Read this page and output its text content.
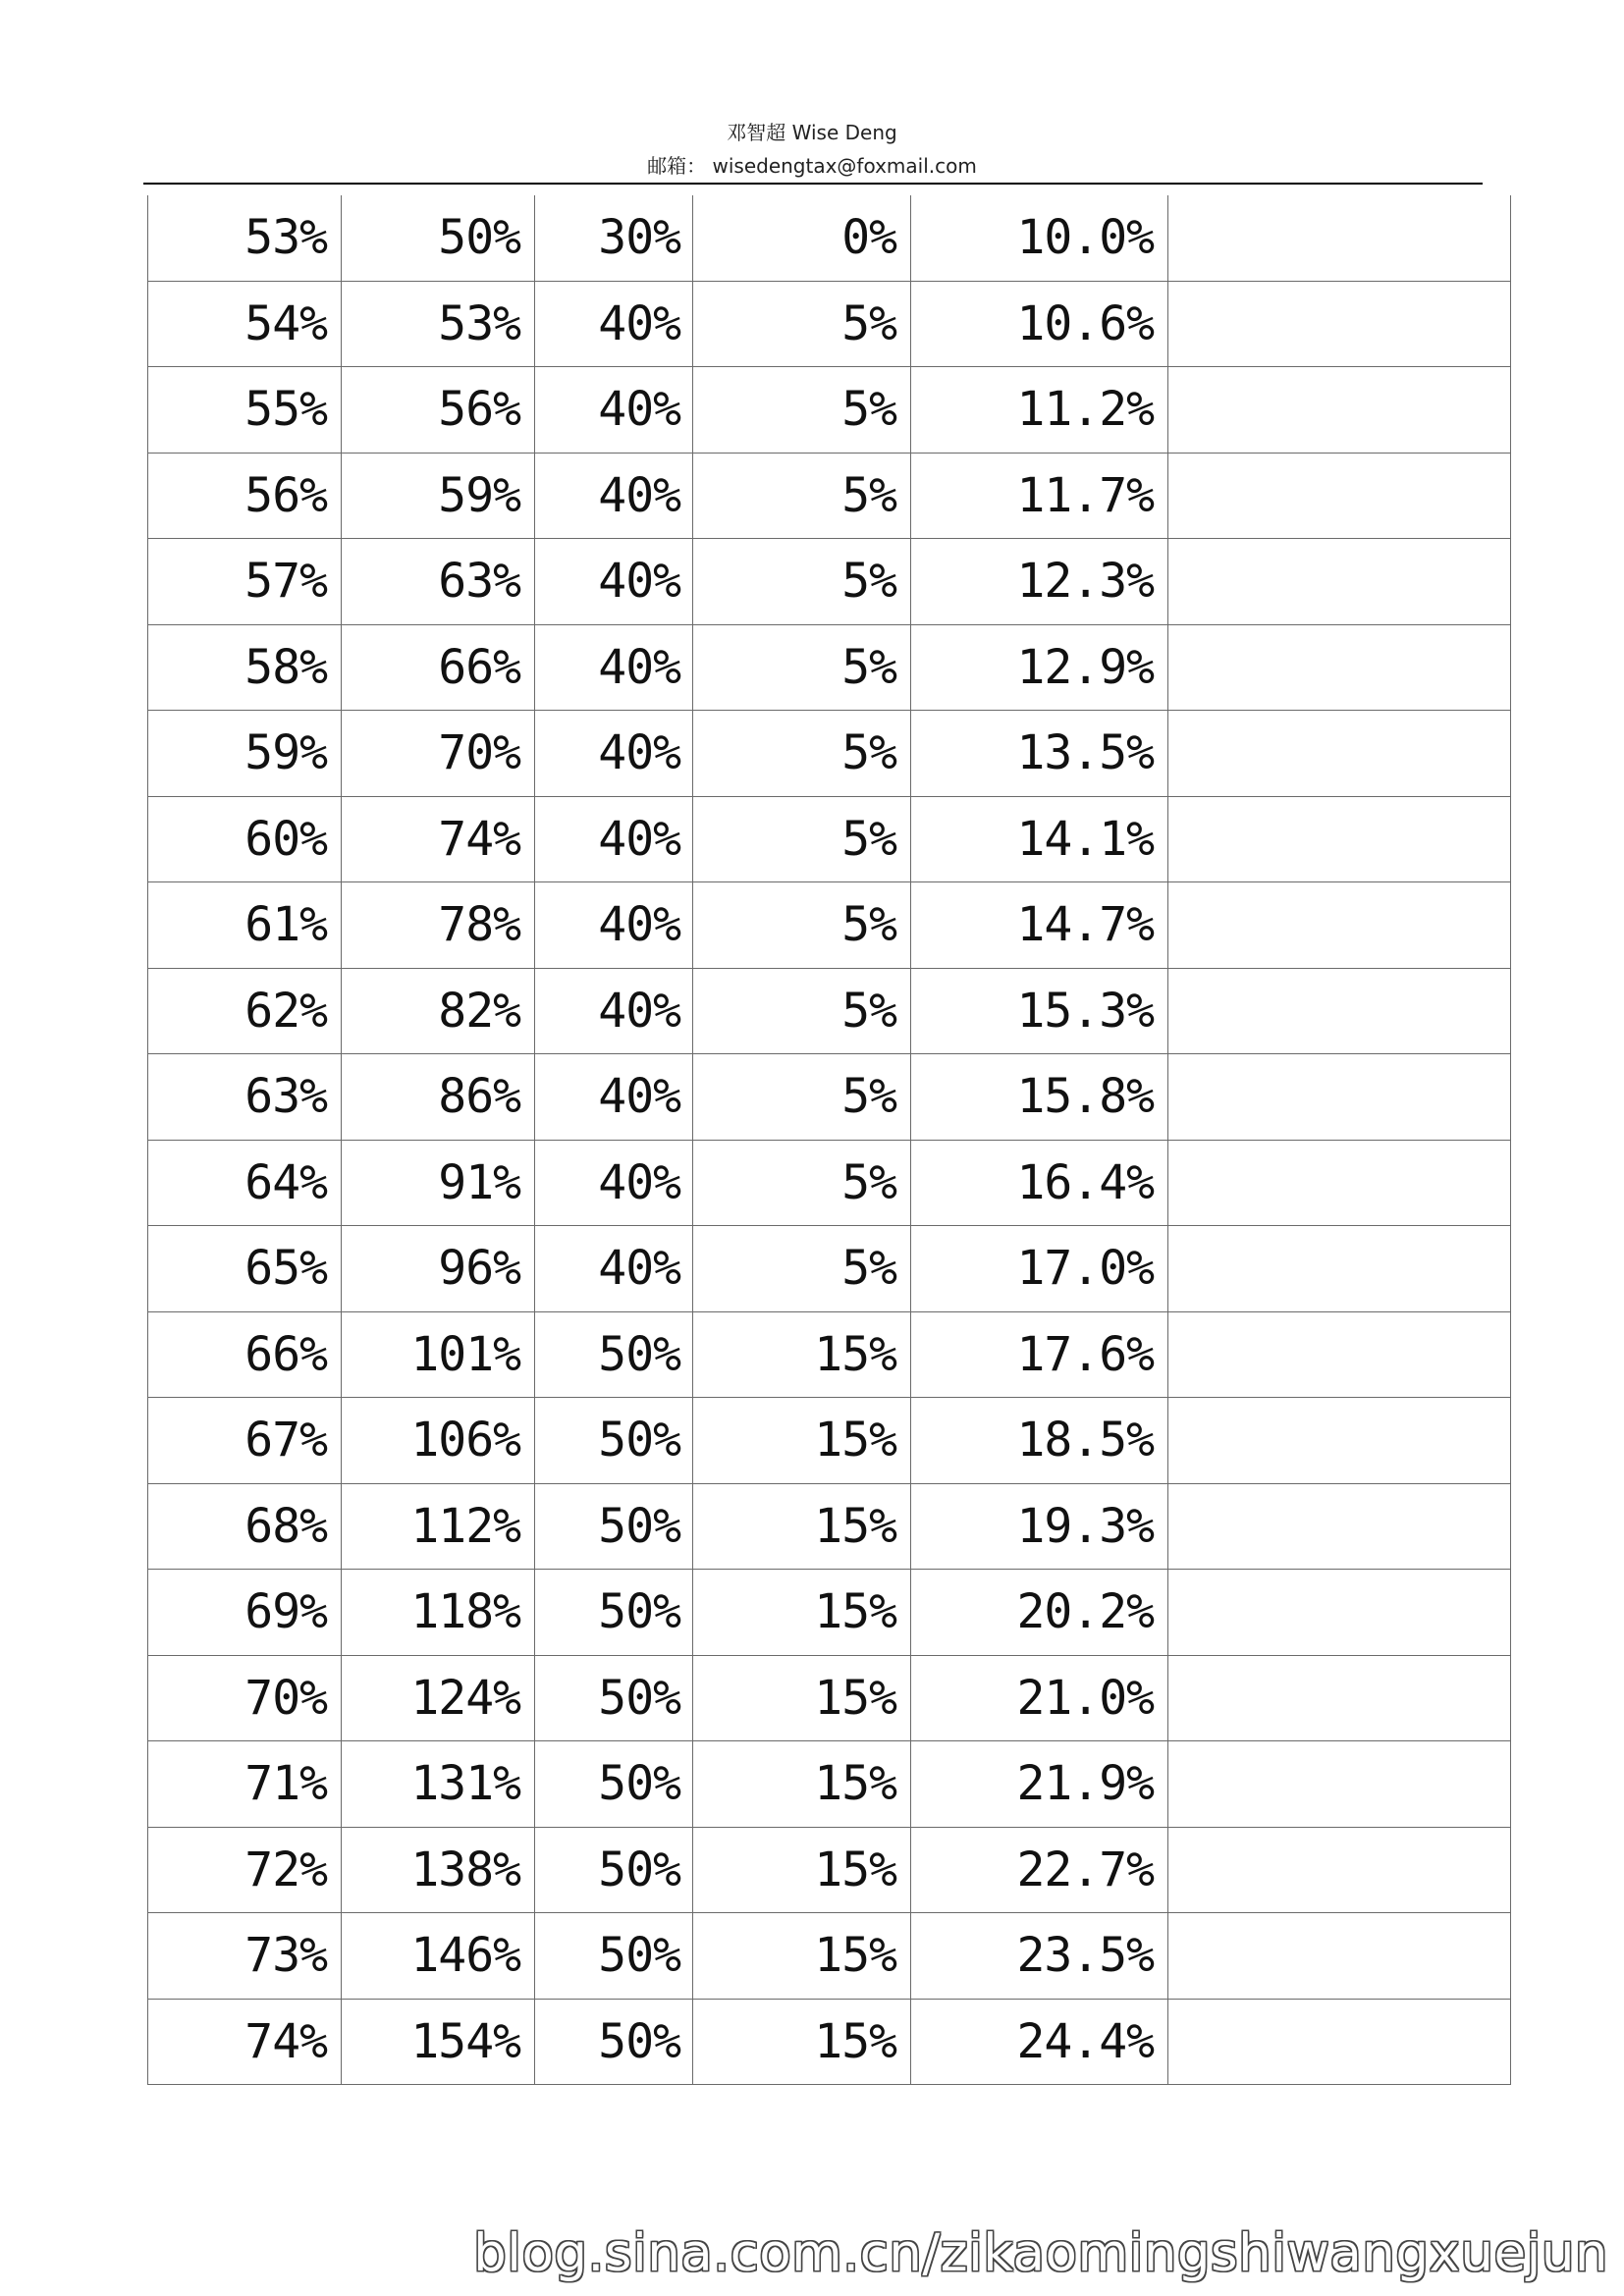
邓智超 Wise Deng
邮箱： wisedengtax@foxmail.com
53%	50%	30%	0%	10.0%	
54%	53%	40%	5%	10.6%	
55%	56%	40%	5%	11.2%	
56%	59%	40%	5%	11.7%	
57%	63%	40%	5%	12.3%	
58%	66%	40%	5%	12.9%	
59%	70%	40%	5%	13.5%	
60%	74%	40%	5%	14.1%	
61%	78%	40%	5%	14.7%	
62%	82%	40%	5%	15.3%	
63%	86%	40%	5%	15.8%	
64%	91%	40%	5%	16.4%	
65%	96%	40%	5%	17.0%	
66%	101%	50%	15%	17.6%	
67%	106%	50%	15%	18.5%	
68%	112%	50%	15%	19.3%	
69%	118%	50%	15%	20.2%	
70%	124%	50%	15%	21.0%	
71%	131%	50%	15%	21.9%	
72%	138%	50%	15%	22.7%	
73%	146%	50%	15%	23.5%	
74%	154%	50%	15%	24.4%	
blog.sina.com.cn/zikaomingshiwangxuejun
